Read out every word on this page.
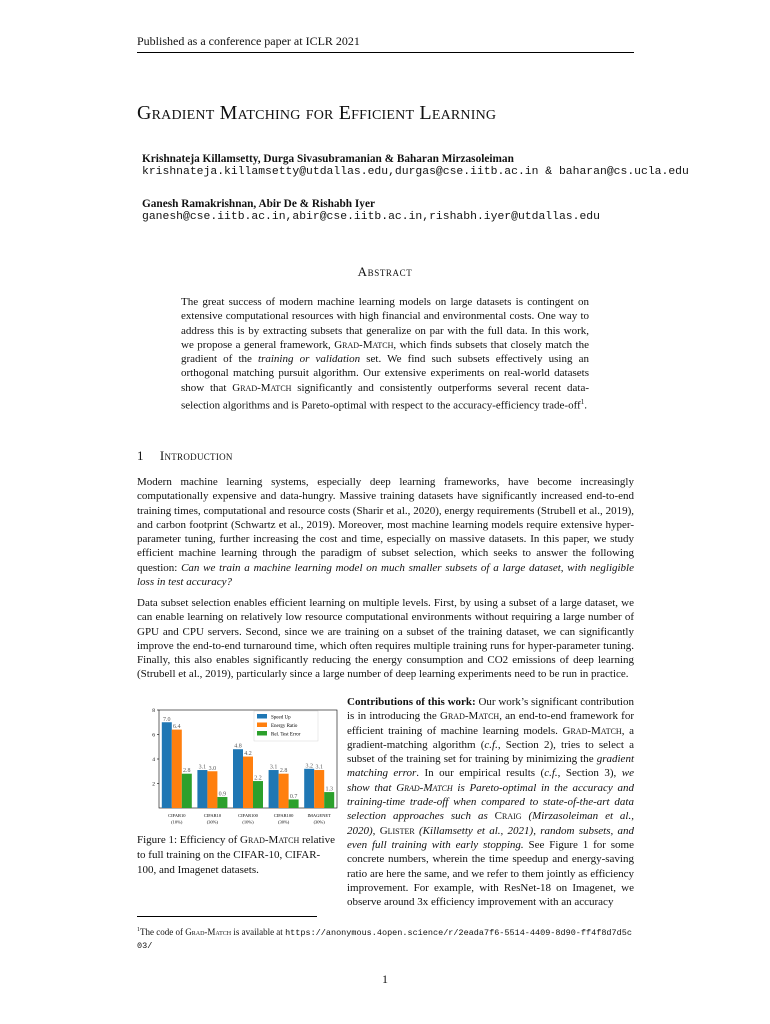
Published as a conference paper at ICLR 2021
Gradient Matching for Efficient Learning
Krishnateja Killamsetty, Durga Sivasubramanian & Baharan Mirzasoleiman
krishnateja.killamsetty@utdallas.edu,durgas@cse.iitb.ac.in & baharan@cs.ucla.edu
Ganesh Ramakrishnan, Abir De & Rishabh Iyer
ganesh@cse.iitb.ac.in,abir@cse.iitb.ac.in,rishabh.iyer@utdallas.edu
Abstract
The great success of modern machine learning models on large datasets is contingent on extensive computational resources with high financial and environmental costs. One way to address this is by extracting subsets that generalize on par with the full data. In this work, we propose a general framework, Grad-Match, which finds subsets that closely match the gradient of the training or validation set. We find such subsets effectively using an orthogonal matching pursuit algorithm. Our extensive experiments on real-world datasets show that Grad-Match significantly and consistently outperforms several recent data-selection algorithms and is Pareto-optimal with respect to the accuracy-efficiency trade-off$^1$.
1 Introduction
Modern machine learning systems, especially deep learning frameworks, have become increasingly computationally expensive and data-hungry. Massive training datasets have significantly increased end-to-end training times, computational and resource costs (Sharir et al., 2020), energy requirements (Strubell et al., 2019), and carbon footprint (Schwartz et al., 2019). Moreover, most machine learning models require extensive hyper-parameter tuning, further increasing the cost and time, especially on massive datasets. In this paper, we study efficient machine learning through the paradigm of subset selection, which seeks to answer the following question: Can we train a machine learning model on much smaller subsets of a large dataset, with negligible loss in test accuracy?
Data subset selection enables efficient learning on multiple levels. First, by using a subset of a large dataset, we can enable learning on relatively low resource computational environments without requiring a large number of GPU and CPU servers. Second, since we are training on a subset of the training dataset, we can significantly improve the end-to-end turnaround time, which often requires multiple training runs for hyper-parameter tuning. Finally, this also enables significantly reducing the energy consumption and CO2 emissions of deep learning (Strubell et al., 2019), particularly since a large number of deep learning experiments need to be run in practice.
2
4
6
8
7.0
6.4
2.8
CIFAR10
(10%)
3.1 3.0
0.9
CIFAR10
(30%)
4.8
4.2
2.2
CIFAR100
(10%)
3.1
2.8
0.7
CIFAR100
(30%)
3.2 3.1
1.3
IMAGENET
(30%)
Speed Up
Energy Ratio
Rel. Test Error
Contributions of this work: Our work’s significant contribution is in introducing the Grad-Match, an end-to-end framework for efficient training of machine learning models. Grad-Match, a gradient-matching algorithm (c.f., Section 2), tries to select a subset of the training set for training by minimizing the gradient matching error. In our empirical results (c.f., Section 3), we show that Grad-Match is Pareto-optimal in the accuracy and training-time trade-off when compared to state-of-the-art data selection approaches such as Craig (Mirzasoleiman et al., 2020), Glister (Killamsetty et al., 2021), random subsets, and even full training with early stopping. See Figure 1 for some concrete numbers, wherein the time speedup and energy-saving ratio are here the same, and we refer to them jointly as efficiency improvement. For example, with ResNet-18 on Imagenet, we observe around 3x efficiency improvement with an accuracy
Figure 1: Efficiency of Grad-Match relative to full training on the CIFAR-10, CIFAR-100, and Imagenet datasets.
$^1$The code of Grad-Match is available at https://anonymous.4open.science/r/2eada7f6-5514-4409-8d90-ff4f8d7d5c03/
1
